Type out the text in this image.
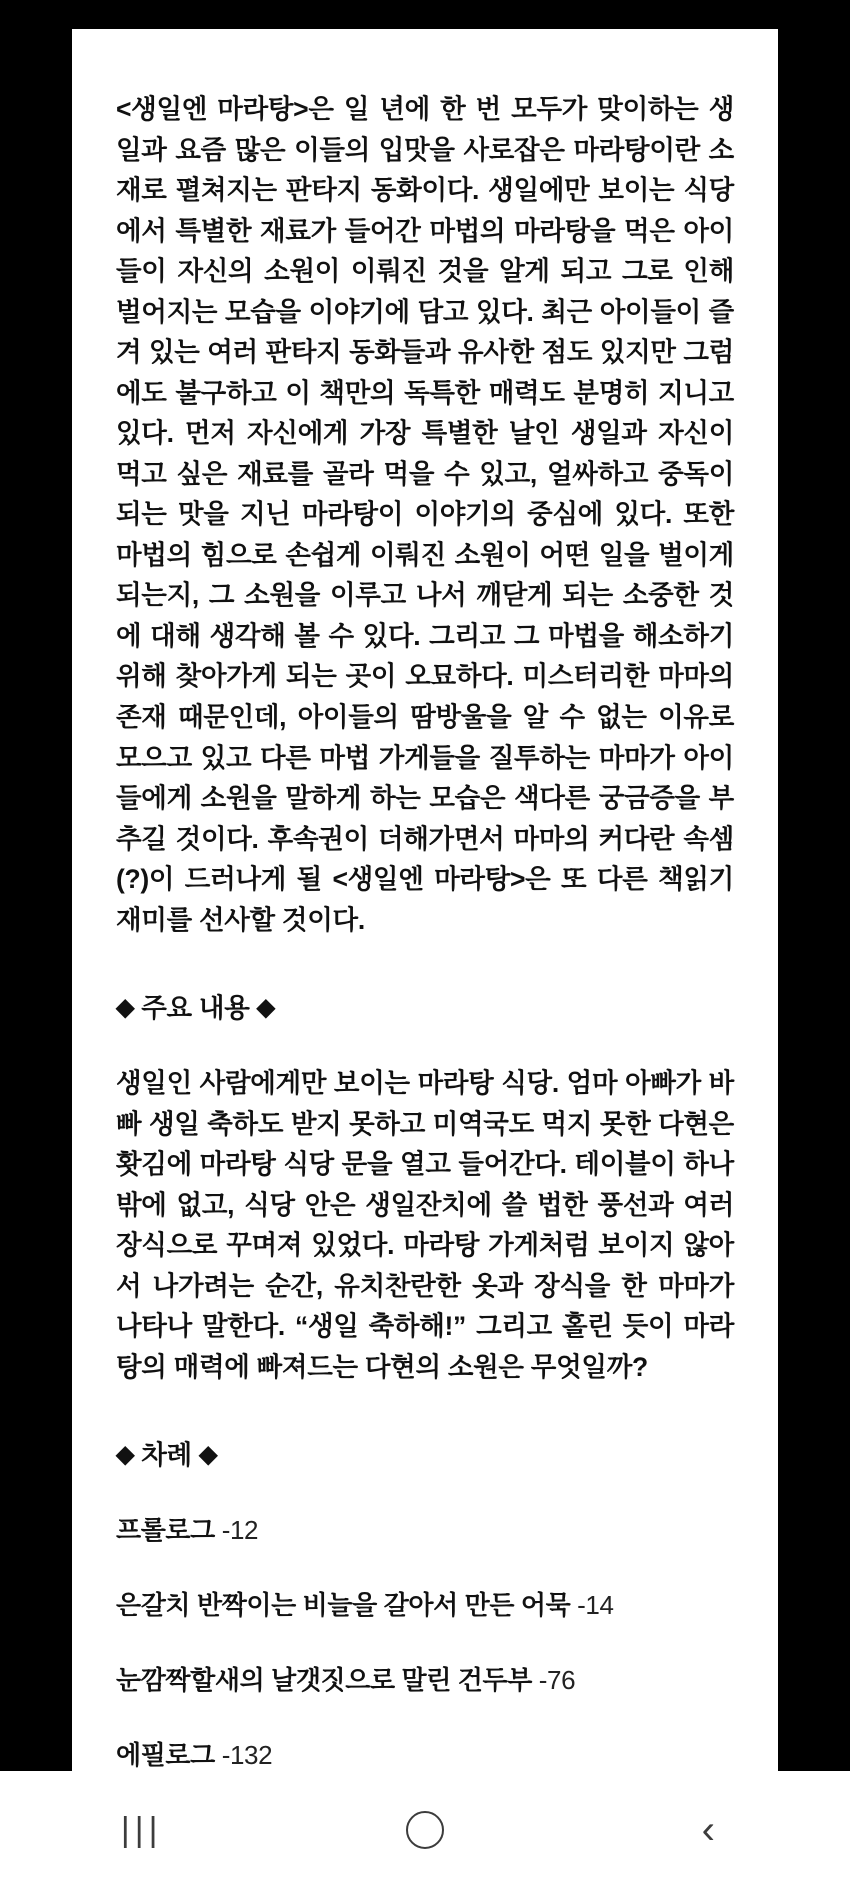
<생일엔 마라탕>은 일 년에 한 번 모두가 맞이하는 생일과 요즘 많은 이들의 입맛을 사로잡은 마라탕이란 소재로 펼쳐지는 판타지 동화이다. 생일에만 보이는 식당에서 특별한 재료가 들어간 마법의 마라탕을 먹은 아이들이 자신의 소원이 이뤄진 것을 알게 되고 그로 인해 벌어지는 모습을 이야기에 담고 있다. 최근 아이들이 즐겨 있는 여러 판타지 동화들과 유사한 점도 있지만 그럼에도 불구하고 이 책만의 독특한 매력도 분명히 지니고 있다. 먼저 자신에게 가장 특별한 날인 생일과 자신이 먹고 싶은 재료를 골라 먹을 수 있고, 얼싸하고 중독이 되는 맛을 지닌 마라탕이 이야기의 중심에 있다. 또한 마법의 힘으로 손쉽게 이뤄진 소원이 어떤 일을 벌이게 되는지, 그 소원을 이루고 나서 깨닫게 되는 소중한 것에 대해 생각해 볼 수 있다. 그리고 그 마법을 해소하기 위해 찾아가게 되는 곳이 오묘하다. 미스터리한 마마의 존재 때문인데, 아이들의 땀방울을 알 수 없는 이유로 모으고 있고 다른 마법 가게들을 질투하는 마마가 아이들에게 소원을 말하게 하는 모습은 색다른 궁금증을 부추길 것이다. 후속권이 더해가면서 마마의 커다란 속셈(?)이 드러나게 될 <생일엔 마라탕>은 또 다른 책읽기 재미를 선사할 것이다.

◆ 주요 내용 ◆

생일인 사람에게만 보이는 마라탕 식당. 엄마 아빠가 바빠 생일 축하도 받지 못하고 미역국도 먹지 못한 다현은 홧김에 마라탕 식당 문을 열고 들어간다. 테이블이 하나밖에 없고, 식당 안은 생일잔치에 쓸 법한 풍선과 여러 장식으로 꾸며져 있었다. 마라탕 가게처럼 보이지 않아서 나가려는 순간, 유치찬란한 옷과 장식을 한 마마가 나타나 말한다. “생일 축하해!” 그리고 홀린 듯이 마라탕의 매력에 빠져드는 다현의 소원은 무엇일까?

◆ 차례 ◆

프롤로그 -12

은갈치 반짝이는 비늘을 갈아서 만든 어묵 -14

눈깜짝할새의 날갯짓으로 말린 건두부 -76

에필로그 -132

|||	‹
